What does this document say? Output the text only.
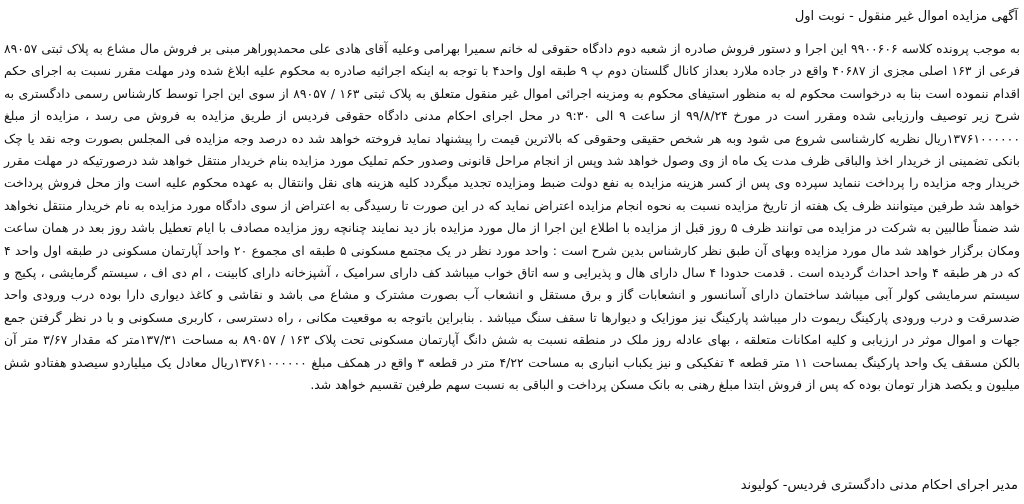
آگهی مزایده اموال غیر منقول - نوبت اول

به موجب پرونده کلاسه ۹۹۰۰۶۰۶ این اجرا و دستور فروش صادره از شعبه دوم دادگاه حقوقی له خانم سمیرا بهرامی وعلیه آقای هادی علی محمدپوراهر مبنی بر فروش مال مشاع به پلاک ثبتی ۸۹۰۵۷ فرعی از ۱۶۳ اصلی مجزی از ۴۰۶۸۷ واقع در جاده ملارد بعداز کانال گلستان دوم پ ۹ طبقه اول واحد۴ با توجه به اینکه اجرائیه صادره به محکوم علیه ابلاغ شده ودر مهلت مقرر نسبت به اجرای حکم اقدام ننموده است بنا به درخواست محکوم له به منظور استیفای محکوم به ومزینه اجرائی اموال غیر منقول متعلق به پلاک ثبتی ۱۶۳ / ۸۹۰۵۷ از سوی این اجرا توسط کارشناس رسمی دادگستری به شرح زیر توصیف وارزیابی شده ومقرر است در مورخ ۹۹/۸/۲۴ از ساعت ۹ الی ۹:۳۰ در محل اجرای احکام مدنی دادگاه حقوقی فردیس از طریق مزایده به فروش می رسد ، مزایده از مبلغ ۱۳۷۶۱۰۰۰۰۰۰ریال نظریه کارشناسی شروع می شود وبه هر شخص حقیقی وحقوقی که بالاترین قیمت را پیشنهاد نماید فروخته خواهد شد ده درصد وجه مزایده فی المجلس بصورت وجه نقد یا چک بانکی تضمینی از خریدار اخذ والباقی ظرف مدت یک ماه از وی وصول خواهد شد وپس از انجام مراحل قانونی وصدور حکم تملیک مورد مزایده بنام خریدار منتقل خواهد شد درصورتیکه در مهلت مقرر خریدار وجه مزایده را پرداخت ننماید سپرده وی پس از کسر هزینه مزایده به نفع دولت ضبط ومزایده تجدید میگردد کلیه هزینه های نقل وانتقال به عهده محکوم علیه است واز محل فروش پرداخت خواهد شد طرفین میتوانند ظرف یک هفته از تاریخ مزایده نسبت به نحوه انجام مزایده اعتراض نماید که در این صورت تا رسیدگی به اعتراض از سوی دادگاه مورد مزایده به نام خریدار منتقل نخواهد شد ضمناً طالبین به شرکت در مزایده می توانند ظرف ۵ روز قبل از مزایده با اطلاع این اجرا از مال مورد مزایده باز دید نمایند چنانچه روز مزایده مصادف با ایام تعطیل باشد روز بعد در همان ساعت ومکان برگزار خواهد شد مال مورد مزایده وبهای آن طبق نظر کارشناس بدین شرح است : واحد مورد نظر در یک مجتمع مسکونی ۵ طبقه ای مجموع ۲۰ واحد آپارتمان مسکونی در طبقه اول واحد ۴ که در هر طبقه ۴ واحد احداث گردیده است . قدمت حدودا ۴ سال دارای هال و پذیرایی و سه اتاق خواب میباشد کف دارای سرامیک ، آشپزخانه دارای کابینت ، ام دی اف ، سیستم گرمایشی ، پکیج و سیستم سرمایشی کولر آبی میباشد ساختمان دارای آسانسور و انشعابات گاز و برق مستقل و انشعاب آب بصورت مشترک و مشاع می باشد و نقاشی و کاغذ دیواری دارا بوده درب ورودی واحد ضدسرقت و درب ورودی پارکینگ ریموت دار میباشد پارکینگ نیز موزایک و دیوارها تا سقف سنگ میباشد . بنابراین باتوجه به موقعیت مکانی ، راه دسترسی ، کاربری مسکونی و با در نظر گرفتن جمع جهات و اموال موثر در ارزیابی و کلیه امکانات متعلقه ، بهای عادله روز ملک در منطقه نسبت به شش دانگ آپارتمان مسکونی تحت پلاک ۱۶۳ / ۸۹۰۵۷ به مساحت ۱۳۷/۳۱متر که مقدار ۳/۶۷ متر آن بالکن مسقف یک واحد پارکینگ بمساحت ۱۱ متر قطعه ۴ تفکیکی و نیز یکباب انباری به مساحت ۴/۲۲ متر در قطعه ۳ واقع در همکف مبلغ ۱۳۷۶۱۰۰۰۰۰۰ریال معادل یک میلیاردو سیصدو هفتادو شش میلیون و یکصد هزار تومان بوده که پس از فروش ابتدا مبلغ رهنی به بانک مسکن پرداخت و الباقی به نسبت سهم طرفین تقسیم خواهد شد.

مدیر اجرای احکام مدنی دادگستری فردیس- کولیوند
